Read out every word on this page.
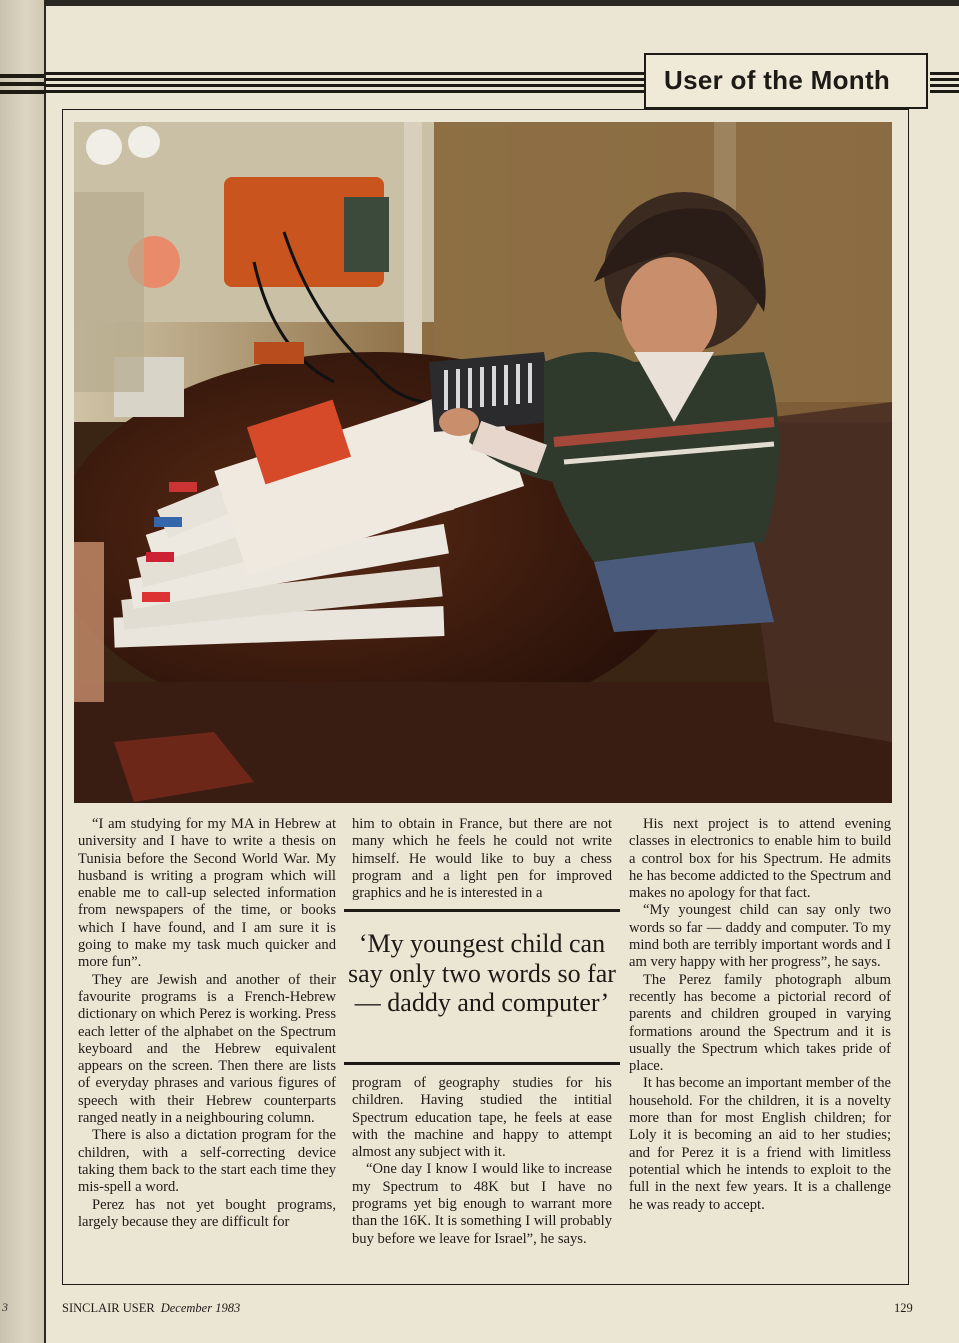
3
User of the Month

“I am studying for my MA in Hebrew at university and I have to write a thesis on Tunisia before the Second World War. My husband is writing a program which will enable me to call-up selected information from newspapers of the time, or books which I have found, and I am sure it is going to make my task much quicker and more fun”.

They are Jewish and another of their favourite programs is a French-Hebrew dictionary on which Perez is working. Press each letter of the alphabet on the Spectrum keyboard and the Hebrew equivalent appears on the screen. Then there are lists of everyday phrases and various figures of speech with their Hebrew counterparts ranged neatly in a neighbouring column.

There is also a dictation program for the children, with a self-correcting device taking them back to the start each time they mis-spell a word.

Perez has not yet bought programs, largely because they are difficult for

him to obtain in France, but there are not many which he feels he could not write himself. He would like to buy a chess program and a light pen for improved graphics and he is interested in a

‘My youngest child can say only two words so far — daddy and computer’

program of geography studies for his children. Having studied the intitial Spectrum education tape, he feels at ease with the machine and happy to attempt almost any subject with it.

“One day I know I would like to increase my Spectrum to 48K but I have no programs yet big enough to warrant more than the 16K. It is something I will probably buy before we leave for Israel”, he says.

His next project is to attend evening classes in electronics to enable him to build a control box for his Spectrum. He admits he has become addicted to the Spectrum and makes no apology for that fact.

“My youngest child can say only two words so far — daddy and computer. To my mind both are terribly important words and I am very happy with her progress”, he says.

The Perez family photograph album recently has become a pictorial record of parents and children grouped in varying formations around the Spectrum and it is usually the Spectrum which takes pride of place.

It has become an important member of the household. For the children, it is a novelty more than for most English children; for Loly it is becoming an aid to her studies; and for Perez it is a friend with limitless potential which he intends to exploit to the full in the next few years. It is a challenge he was ready to accept.

SINCLAIR USER December 1983	129
